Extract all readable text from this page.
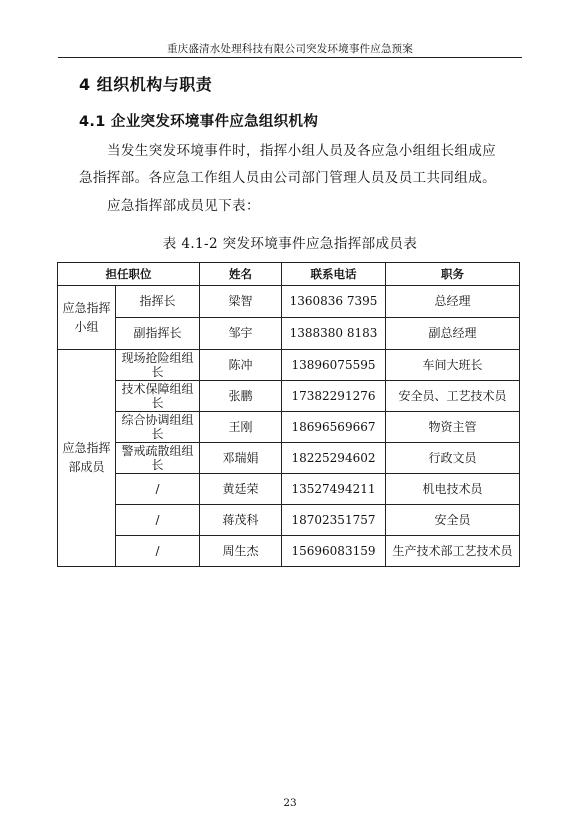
重庆盛清水处理科技有限公司突发环境事件应急预案
4 组织机构与职责
4.1 企业突发环境事件应急组织机构
当发生突发环境事件时，指挥小组人员及各应急小组组长组成应急指挥部。各应急工作组人员由公司部门管理人员及员工共同组成。
应急指挥部成员见下表：
表 4.1-2 突发环境事件应急指挥部成员表
担任职位		姓名	联系电话	职务
应急指挥小组	指挥长	梁智	1360836 7395	总经理
	副指挥长	邹宇	1388380 8183	副总经理
应急指挥部成员	现场抢险组组长	陈冲	13896075595	车间大班长
	技术保障组组长	张鹏	17382291276	安全员、工艺技术员
	综合协调组组长	王刚	18696569667	物资主管
	警戒疏散组组长	邓瑞娟	18225294602	行政文员
	/	黄廷荣	13527494211	机电技术员
	/	蒋茂科	18702351757	安全员
	/	周生杰	15696083159	生产技术部工艺技术员
23
